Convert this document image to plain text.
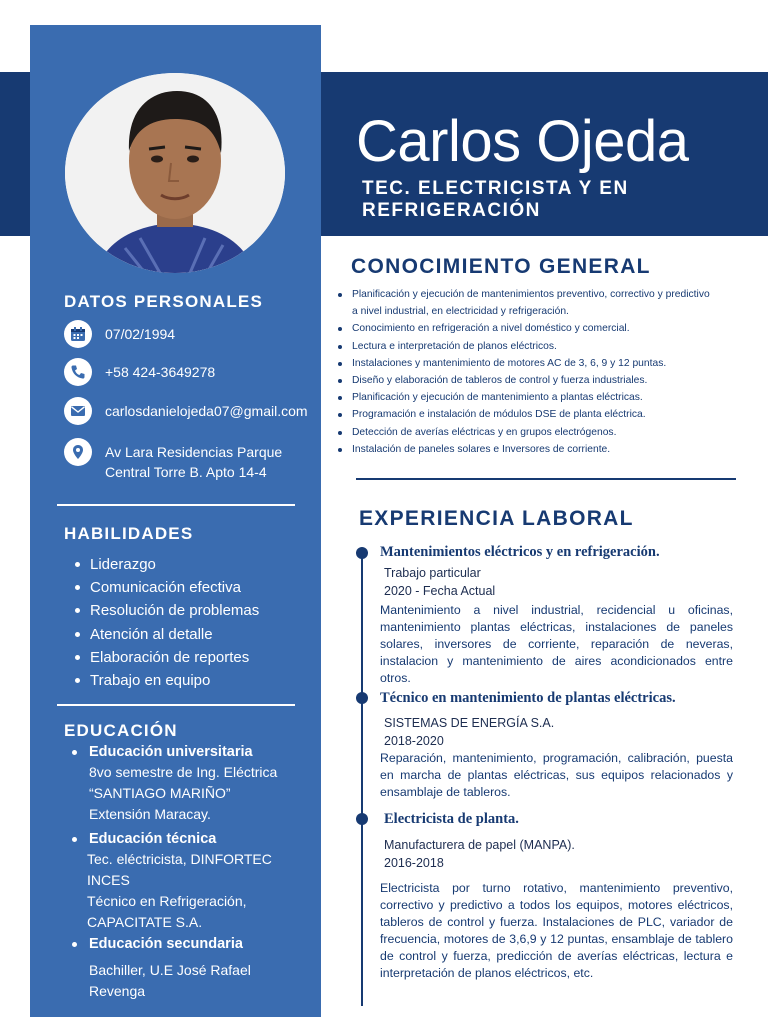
Carlos Ojeda
TEC. ELECTRICISTA Y EN REFRIGERACIÓN
DATOS PERSONALES
07/02/1994
+58 424-3649278
carlosdanielojeda07@gmail.com
Av Lara Residencias Parque Central Torre B. Apto 14-4
HABILIDADES
Liderazgo
Comunicación efectiva
Resolución de problemas
Atención al detalle
Elaboración de reportes
Trabajo en equipo
EDUCACIÓN
Educación universitaria
8vo semestre de Ing. Eléctrica
“SANTIAGO MARIÑO”
Extensión Maracay.
Educación técnica
Tec. eléctricista, DINFORTEC
INCES
Técnico en Refrigeración,
CAPACITATE S.A.
Educación secundaria
Bachiller, U.E José Rafael
Revenga
CONOCIMIENTO GENERAL
Planificación y ejecución de mantenimientos preventivo, correctivo y predictivo a nivel industrial, en electricidad y refrigeración.
Conocimiento en refrigeración a nivel doméstico y comercial.
Lectura e interpretación de planos eléctricos.
Instalaciones y mantenimiento de motores AC de 3, 6, 9 y 12 puntas.
Diseño y elaboración de tableros de control y fuerza industriales.
Planificación y ejecución de mantenimiento a plantas eléctricas.
Programación e instalación de módulos DSE de planta eléctrica.
Detección de averías eléctricas y en grupos electrógenos.
Instalación de paneles solares e Inversores de corriente.
EXPERIENCIA LABORAL
Mantenimientos eléctricos y en refrigeración.
Trabajo particular
2020 - Fecha Actual
Mantenimiento a nivel industrial, recidencial u oficinas, mantenimiento plantas eléctricas, instalaciones de paneles solares, inversores de corriente, reparación de neveras, instalacion y mantenimiento de aires acondicionados entre otros.
Técnico en mantenimiento de plantas eléctricas.
SISTEMAS DE ENERGÍA S.A.
2018-2020
Reparación, mantenimiento, programación, calibración, puesta en marcha de plantas eléctricas, sus equipos relacionados y ensamblaje de tableros.
Electricista de planta.
Manufacturera de papel (MANPA).
2016-2018
Electricista por turno rotativo, mantenimiento preventivo, correctivo y predictivo a todos los equipos, motores eléctricos, tableros de control y fuerza. Instalaciones de PLC, variador de frecuencia, motores de 3,6,9 y 12 puntas, ensamblaje de tablero de control y fuerza, predicción de averías eléctricas, lectura e interpretación de planos eléctricos, etc.
